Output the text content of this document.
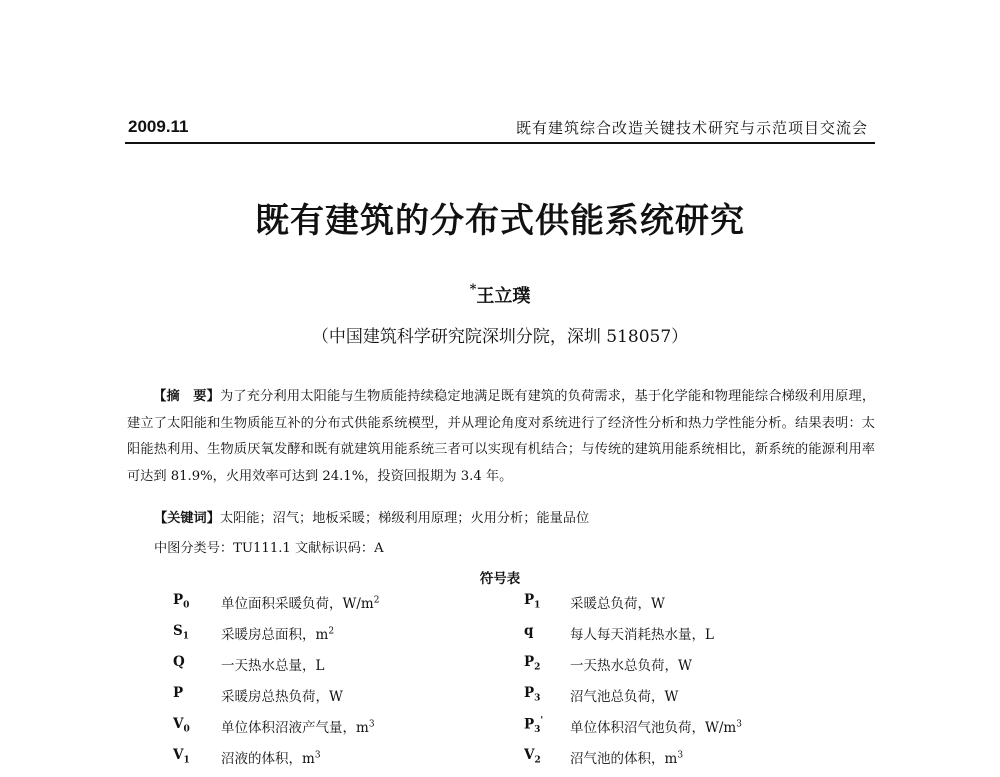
2009.11	既有建筑综合改造关键技术研究与示范项目交流会
既有建筑的分布式供能系统研究
*王立璞
（中国建筑科学研究院深圳分院，深圳 518057）
【摘　要】为了充分利用太阳能与生物质能持续稳定地满足既有建筑的负荷需求，基于化学能和物理能综合梯级利用原理，建立了太阳能和生物质能互补的分布式供能系统模型，并从理论角度对系统进行了经济性分析和热力学性能分析。结果表明：太阳能热利用、生物质厌氧发酵和既有就建筑用能系统三者可以实现有机结合；与传统的建筑用能系统相比，新系统的能源利用率可达到 81.9%，火用效率可达到 24.1%，投资回报期为 3.4 年。
【关键词】太阳能；沼气；地板采暖；梯级利用原理；火用分析；能量品位
中图分类号：TU111.1 文献标识码：A
符号表
$P_0$ 单位面积采暖负荷，$W/m^2$	$P_1$ 采暖总负荷，W
$S_1$ 采暖房总面积，$m^2$	q	每人每天消耗热水量，L
Q	一天热水总量，L	$P_2$ 一天热水总负荷，W
P	采暖房总热负荷，W	$P_3$ 沼气池总负荷，W
$V_0$ 单位体积沼液产气量，$m^3$	$P_3'$ 单位体积沼气池负荷，$W/m^3$
$V_1$ 沼液的体积，$m^3$	$V_2$ 沼气池的体积，$m^3$
